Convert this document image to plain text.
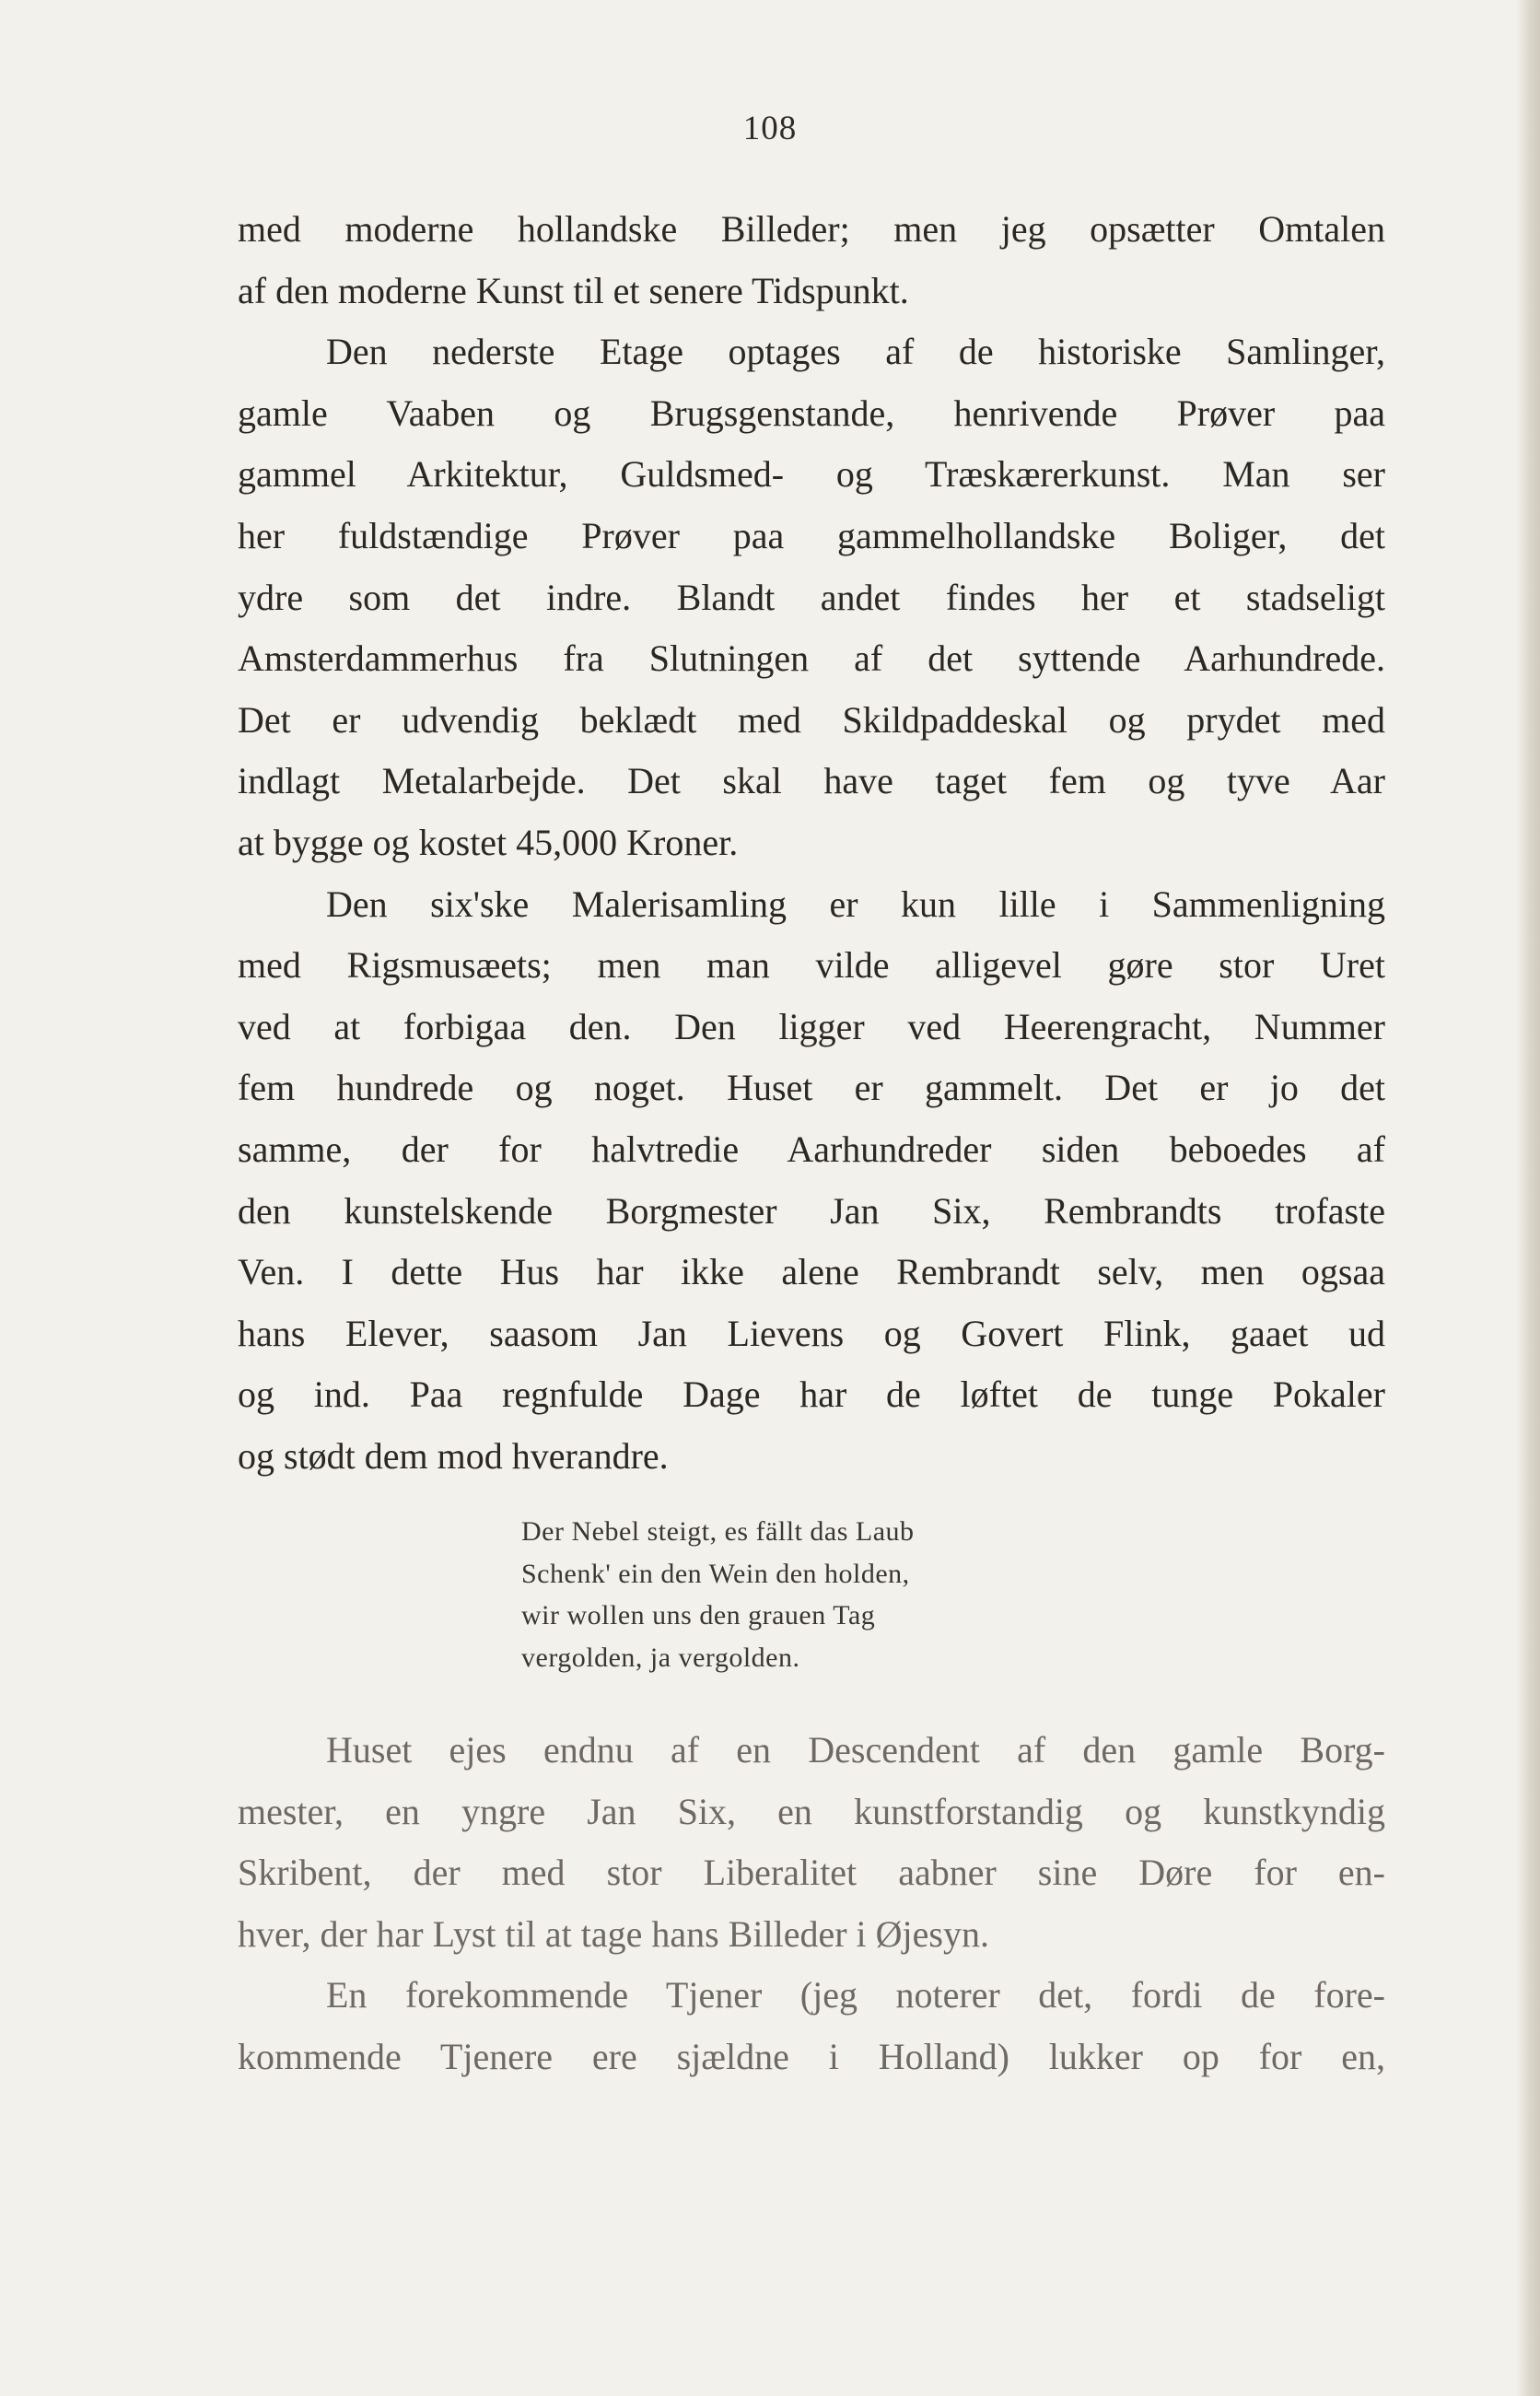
108
med moderne hollandske Billeder; men jeg opsætter Omtalen
af den moderne Kunst til et senere Tidspunkt.
Den nederste Etage optages af de historiske Samlinger,
gamle Vaaben og Brugsgenstande, henrivende Prøver paa
gammel Arkitektur, Guldsmed- og Træskærerkunst. Man ser
her fuldstændige Prøver paa gammelhollandske Boliger, det
ydre som det indre. Blandt andet findes her et stadseligt
Amsterdammerhus fra Slutningen af det syttende Aarhundrede.
Det er udvendig beklædt med Skildpaddeskal og prydet med
indlagt Metalarbejde. Det skal have taget fem og tyve Aar
at bygge og kostet 45,000 Kroner.
Den six'ske Malerisamling er kun lille i Sammenligning
med Rigsmusæets; men man vilde alligevel gøre stor Uret
ved at forbigaa den. Den ligger ved Heerengracht, Nummer
fem hundrede og noget. Huset er gammelt. Det er jo det
samme, der for halvtredie Aarhundreder siden beboedes af
den kunstelskende Borgmester Jan Six, Rembrandts trofaste
Ven. I dette Hus har ikke alene Rembrandt selv, men ogsaa
hans Elever, saasom Jan Lievens og Govert Flink, gaaet ud
og ind. Paa regnfulde Dage har de løftet de tunge Pokaler
og stødt dem mod hverandre.
Der Nebel steigt, es fällt das Laub
Schenk' ein den Wein den holden,
wir wollen uns den grauen Tag
vergolden, ja vergolden.
Huset ejes endnu af en Descendent af den gamle Borg-
mester, en yngre Jan Six, en kunstforstandig og kunstkyndig
Skribent, der med stor Liberalitet aabner sine Døre for en-
hver, der har Lyst til at tage hans Billeder i Øjesyn.
En forekommende Tjener (jeg noterer det, fordi de fore-
kommende Tjenere ere sjældne i Holland) lukker op for en,
